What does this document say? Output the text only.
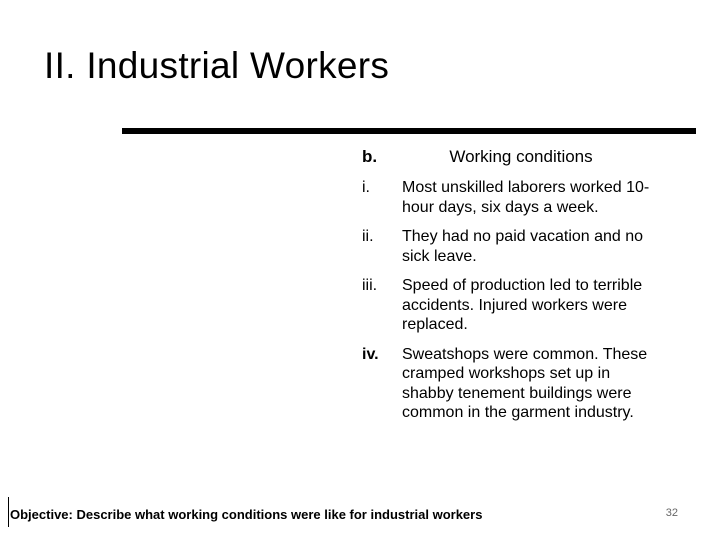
II. Industrial Workers
b.	Working conditions
i.	Most unskilled laborers worked 10-hour days, six days a week.
ii.	They had no paid vacation and no sick leave.
iii.	Speed of production led to terrible accidents. Injured workers were replaced.
iv.	Sweatshops were common. These cramped workshops set up in shabby tenement buildings were common in the garment industry.
Objective: Describe what working conditions were like for industrial workers	32
